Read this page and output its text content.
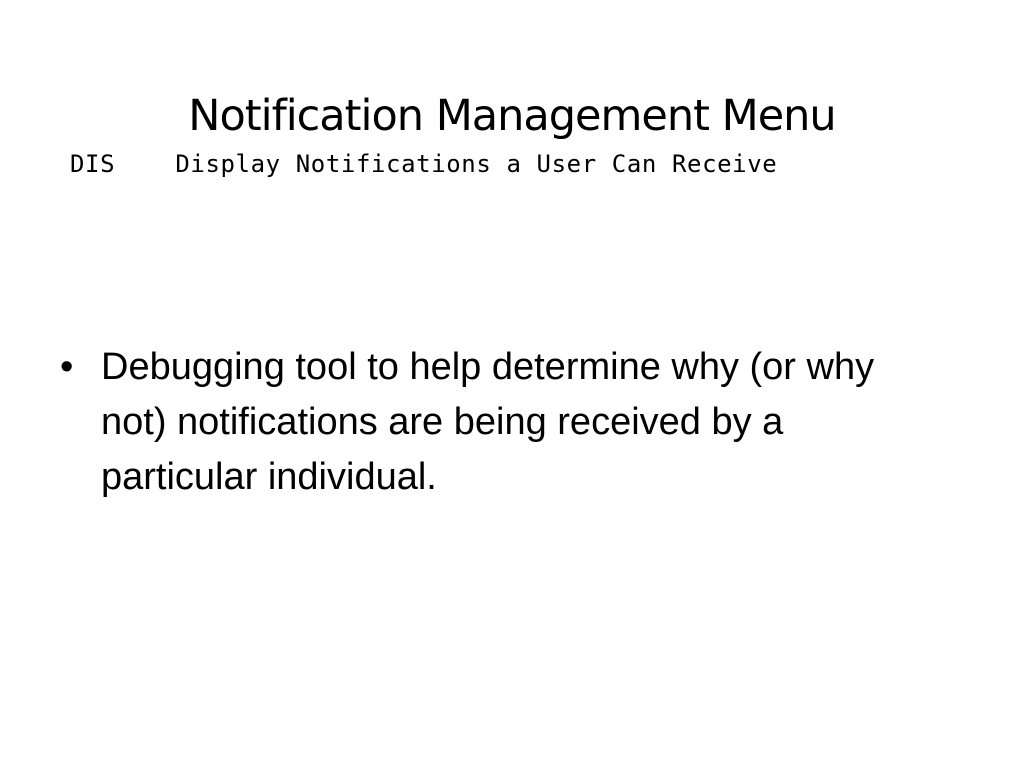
Notification Management Menu
DIS	Display Notifications a User Can Receive
• Debugging tool to help determine why (or why not) notifications are being received by a particular individual.
